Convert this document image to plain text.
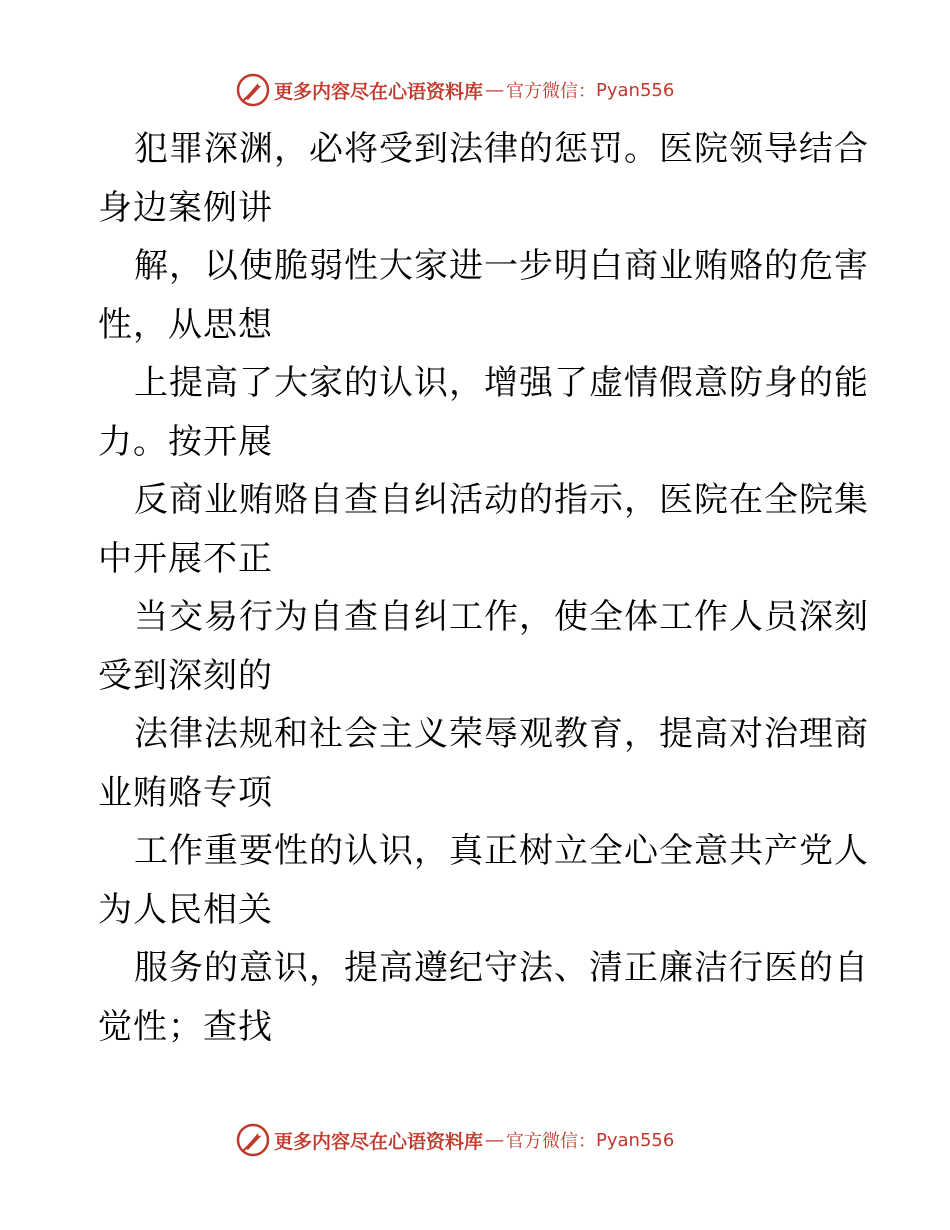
更多内容尽在心语资料库 — 官方微信： Pyan556
犯罪深渊，必将受到法律的惩罚。医院领导结合
身边案例讲
解，以使脆弱性大家进一步明白商业贿赂的危害
性，从思想
上提高了大家的认识，增强了虚情假意防身的能
力。按开展
反商业贿赂自查自纠活动的指示，医院在全院集
中开展不正
当交易行为自查自纠工作，使全体工作人员深刻
受到深刻的
法律法规和社会主义荣辱观教育，提高对治理商
业贿赂专项
工作重要性的认识，真正树立全心全意共产党人
为人民相关
服务的意识，提高遵纪守法、清正廉洁行医的自
觉性；查找
更多内容尽在心语资料库 — 官方微信： Pyan556
